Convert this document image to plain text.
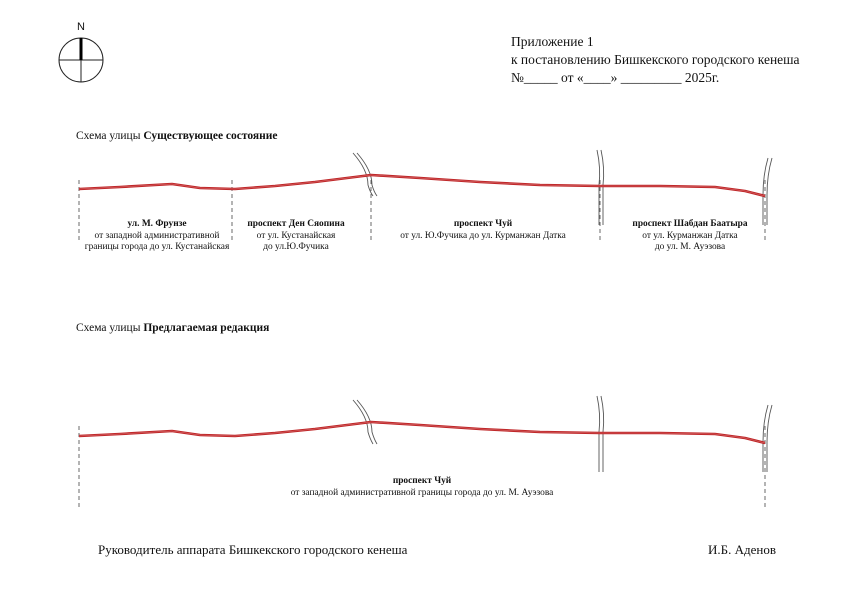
N
Приложение 1
к постановлению Бишкекского городского кенеша
№_____ от «____» _________ 2025г.
Схема улицы Существующее состояние
ул. М. Фрунзе
от западной административной
границы города до ул. Кустанайская
проспект Ден Сяопина
от ул. Кустанайская
до ул.Ю.Фучика
проспект Чуй
от ул. Ю.Фучика до ул. Курманжан Датка
проспект Шабдан Баатыра
от ул. Курманжан Датка
до ул. М. Ауэзова
Схема улицы Предлагаемая редакция
проспект Чуй
от западной административной границы города до ул. М. Ауэзова
Руководитель аппарата Бишкекского городского кенеша	И.Б. Аденов
